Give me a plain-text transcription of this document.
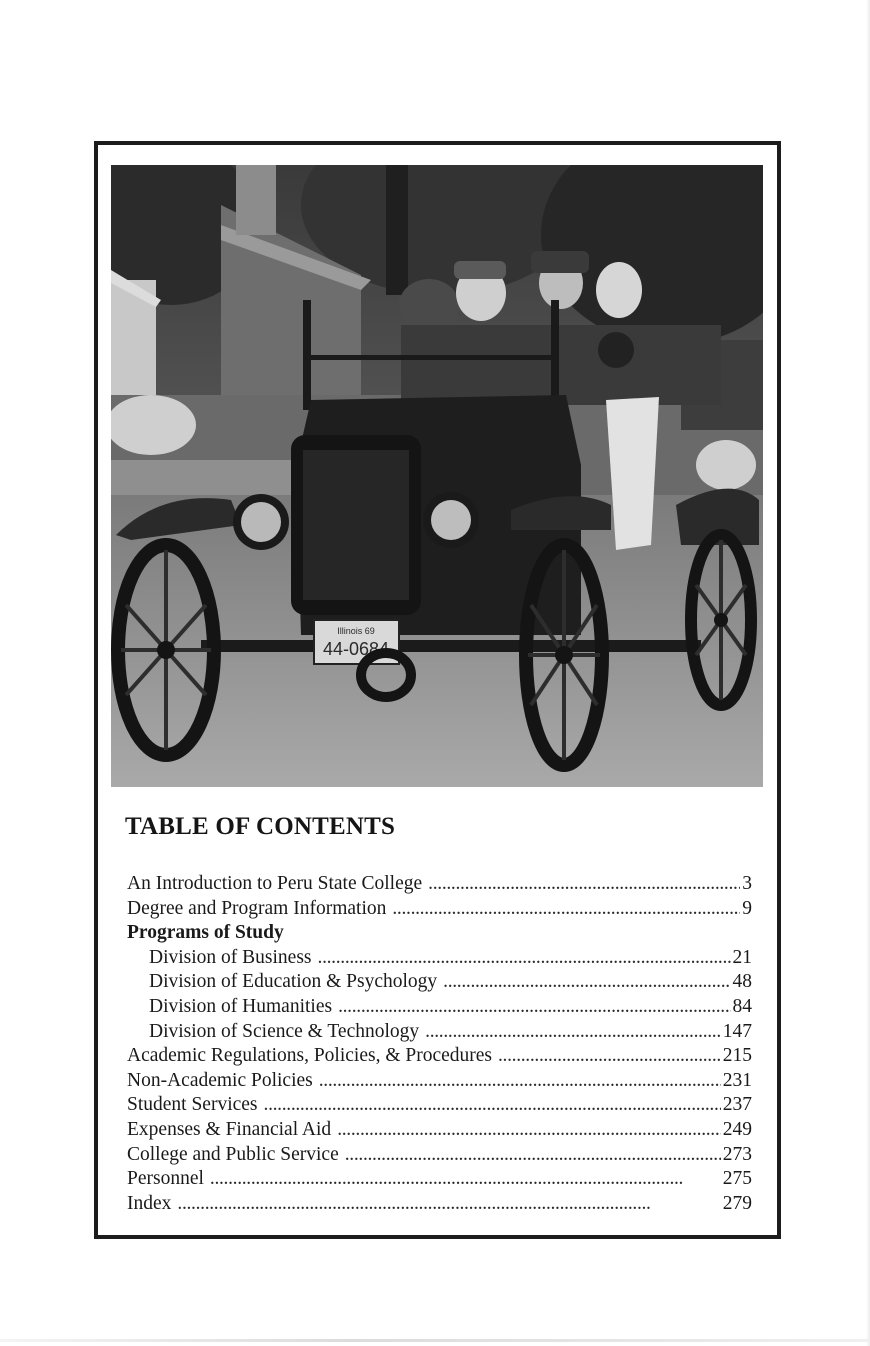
44-0684
Illinois 69
TABLE OF CONTENTS
An Introduction to Peru State College . . .	3
Degree and Program Information . . .	9
Programs of Study
Division of Business . . .	21
Division of Education & Psychology . . .	48
Division of Humanities . . .	84
Division of Science & Technology . . .	147
Academic Regulations, Policies, & Procedures . . .	215
Non-Academic Policies . . .	231
Student Services . . .	237
Expenses & Financial Aid . . .	249
College and Public Service . . .	273
Personnel . . .	275
Index . . .	279
